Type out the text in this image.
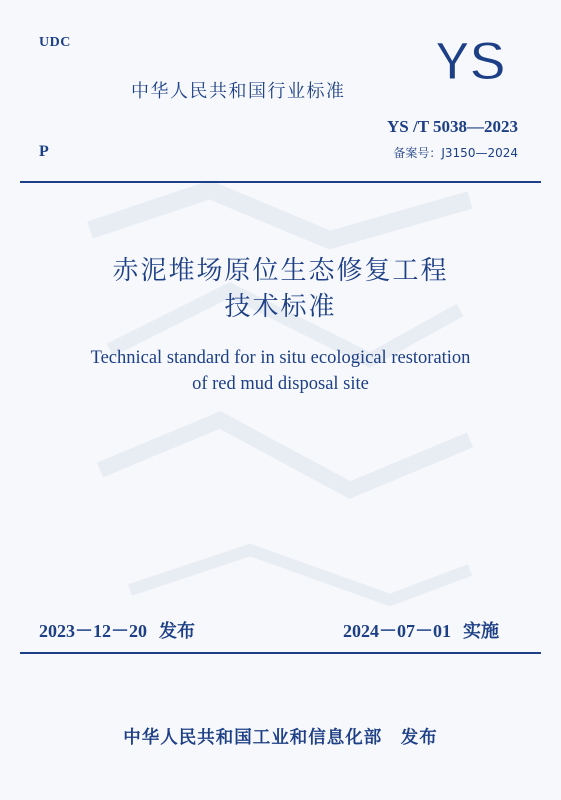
UDC
中华人民共和国行业标准 YS
YS /T 5038—2023
P	备案号：J3150—2024
赤泥堆场原位生态修复工程
技术标准
Technical standard for in situ ecological restoration
of red mud disposal site
2023－12－20 发布	2024－07－01 实施
中华人民共和国工业和信息化部　发布
